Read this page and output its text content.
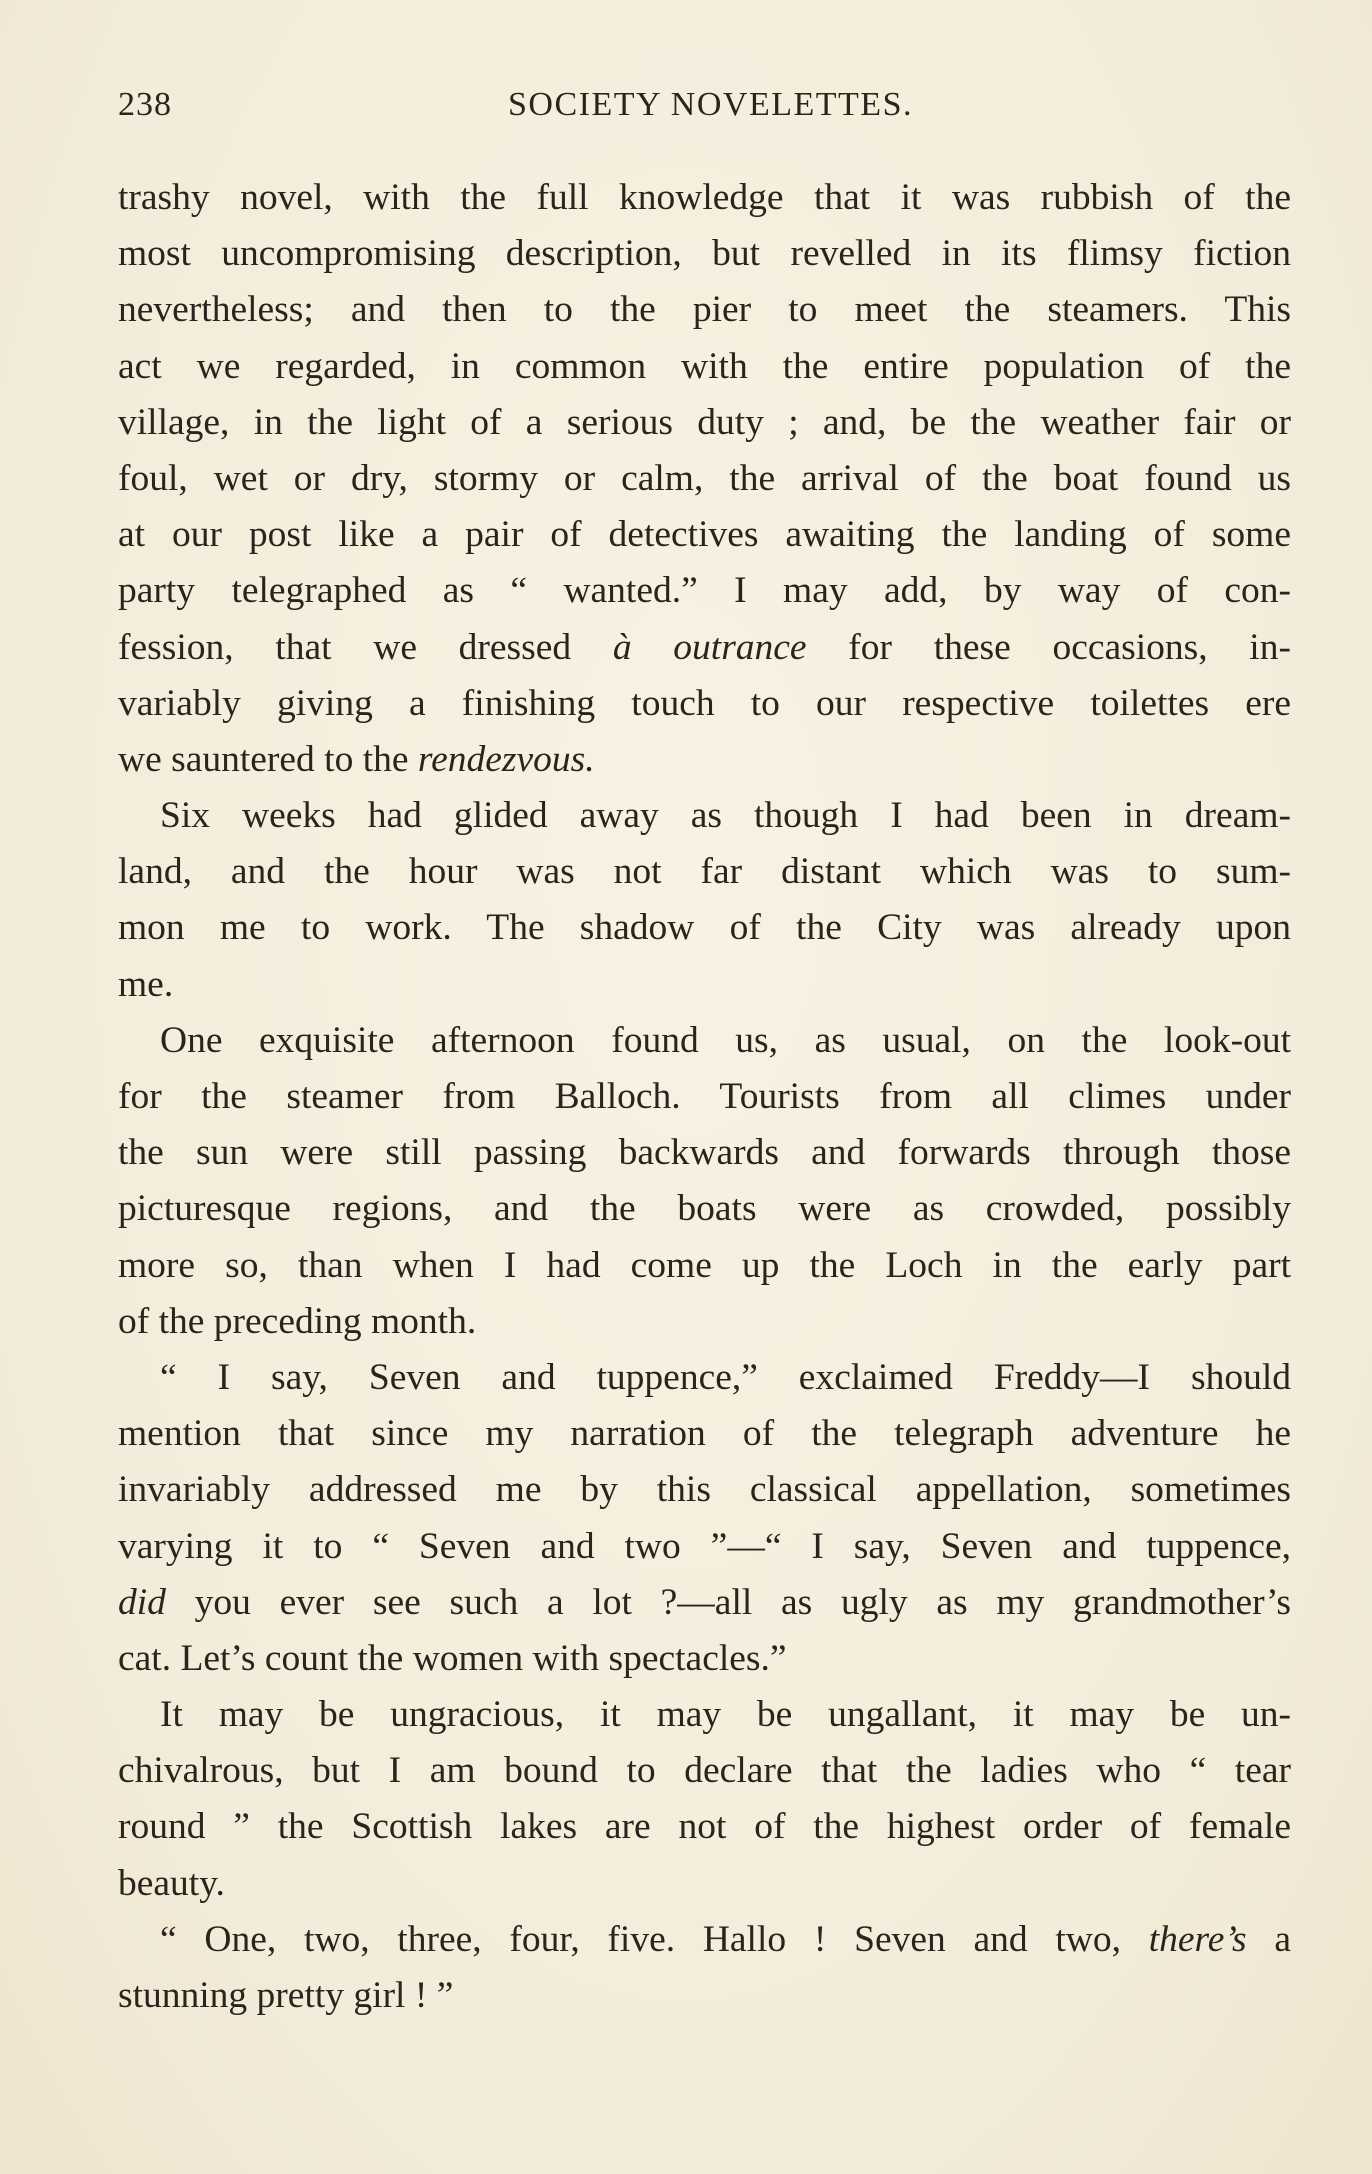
238	SOCIETY NOVELETTES.
trashy novel, with the full knowledge that it was rubbish of the
most uncompromising description, but revelled in its flimsy fiction
nevertheless; and then to the pier to meet the steamers. This
act we regarded, in common with the entire population of the
village, in the light of a serious duty ; and, be the weather fair or
foul, wet or dry, stormy or calm, the arrival of the boat found us
at our post like a pair of detectives awaiting the landing of some
party telegraphed as “ wanted.” I may add, by way of con-
fession, that we dressed à outrance for these occasions, in-
variably giving a finishing touch to our respective toilettes ere
we sauntered to the rendezvous.
Six weeks had glided away as though I had been in dream-
land, and the hour was not far distant which was to sum-
mon me to work. The shadow of the City was already upon
me.
One exquisite afternoon found us, as usual, on the look-out
for the steamer from Balloch. Tourists from all climes under
the sun were still passing backwards and forwards through those
picturesque regions, and the boats were as crowded, possibly
more so, than when I had come up the Loch in the early part
of the preceding month.
“ I say, Seven and tuppence,” exclaimed Freddy—I should
mention that since my narration of the telegraph adventure he
invariably addressed me by this classical appellation, sometimes
varying it to “ Seven and two ”—“ I say, Seven and tuppence,
did you ever see such a lot ?—all as ugly as my grandmother’s
cat. Let’s count the women with spectacles.”
It may be ungracious, it may be ungallant, it may be un-
chivalrous, but I am bound to declare that the ladies who “ tear
round ” the Scottish lakes are not of the highest order of female
beauty.
“ One, two, three, four, five. Hallo ! Seven and two, there’s a
stunning pretty girl ! ”
